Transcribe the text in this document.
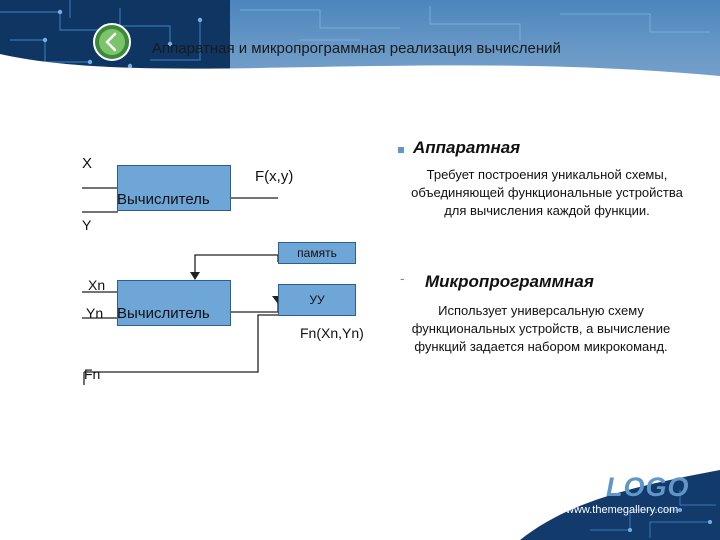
Аппаратная и микропрограммная реализация вычислений
X
Y
Вычислитель
F(x,y)
память
УУ
Xn
Yn Вычислитель
Fn(Xn,Yn)
Fn
Аппаратная
Требует построения уникальной схемы, объединяющей функциональные устройства для вычисления каждой функции.
- Микропрограммная
Использует универсальную схему функциональных устройств, а вычисление функций задается набором микрокоманд.
LOGO
www.themegallery.com
